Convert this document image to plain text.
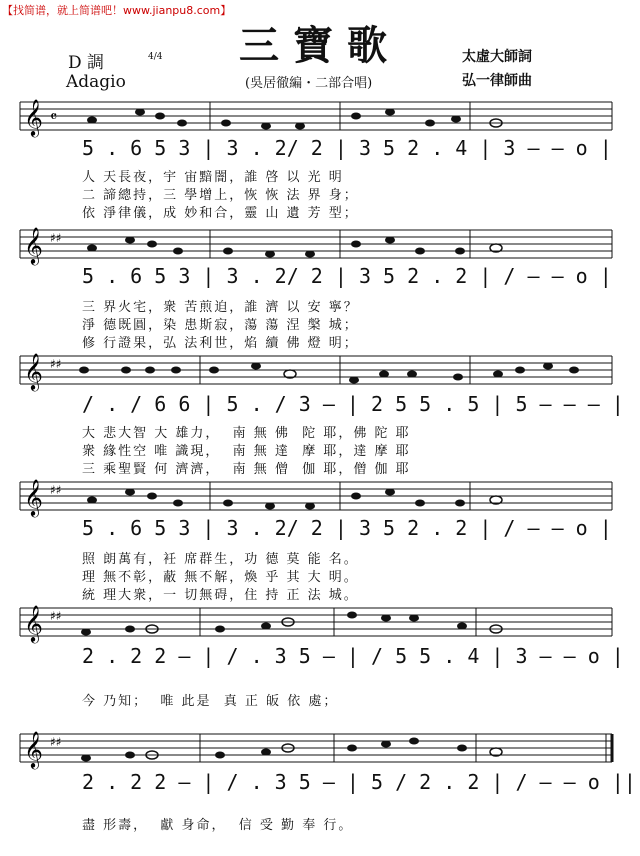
【找简谱，就上简谱吧！www.jianpu8.com】
三寶歌
D 調	4/4
Adagio	(吳居徹編・二部合唱)
太虛大師詞
弘一律師曲
𝄞 𝄴
5 . 6 5 3 | 3 . 2/ 2 | 3 5 2 . 4 | 3 — — o |
人 天長夜，宇 宙黯闇，誰 啓 以 光 明
二 諦總持，三 學增上，恢 恢 法 界 身；
依 淨律儀，成 妙和合，靈 山 遺 芳 型；
𝄞 ♯♯
5 . 6 5 3 | 3 . 2/ 2 | 3 5 2 . 2 | / — — o |
三 界火宅，衆 苦煎迫，誰 濟 以 安 寧？
淨 德既圓，染 患斯寂，蕩 蕩 涅 槃 城；
修 行證果，弘 法利世，焰 續 佛 燈 明；
𝄞 ♯♯
/ . / 6 6 | 5 . / 3 — | 2 5 5 . 5 | 5 — — — |
大 悲大智 大 雄力，  南 無 佛  陀 耶，佛 陀 耶
衆 緣性空 唯 識現，  南 無 達  摩 耶，達 摩 耶
三 乘聖賢 何 濟濟，  南 無 僧  伽 耶，僧 伽 耶
𝄞 ♯♯
5 . 6 5 3 | 3 . 2/ 2 | 3 5 2 . 2 | / — — o |
照 朗萬有，衽 席群生，功 德 莫 能 名。
理 無不彰，蔽 無不解，煥 乎 其 大 明。
統 理大衆，一 切無碍，住 持 正 法 城。
𝄞 ♯♯
2 . 2 2 — | / . 3 5 — | / 5 5 . 4 | 3 — — o |
今 乃知；  唯 此是  真 正 皈 依 處；
𝄞 ♯♯
2 . 2 2 — | / . 3 5 — | 5 / 2 . 2 | / — — o ||
盡 形壽，  獻 身命，  信 受 勤 奉 行。
